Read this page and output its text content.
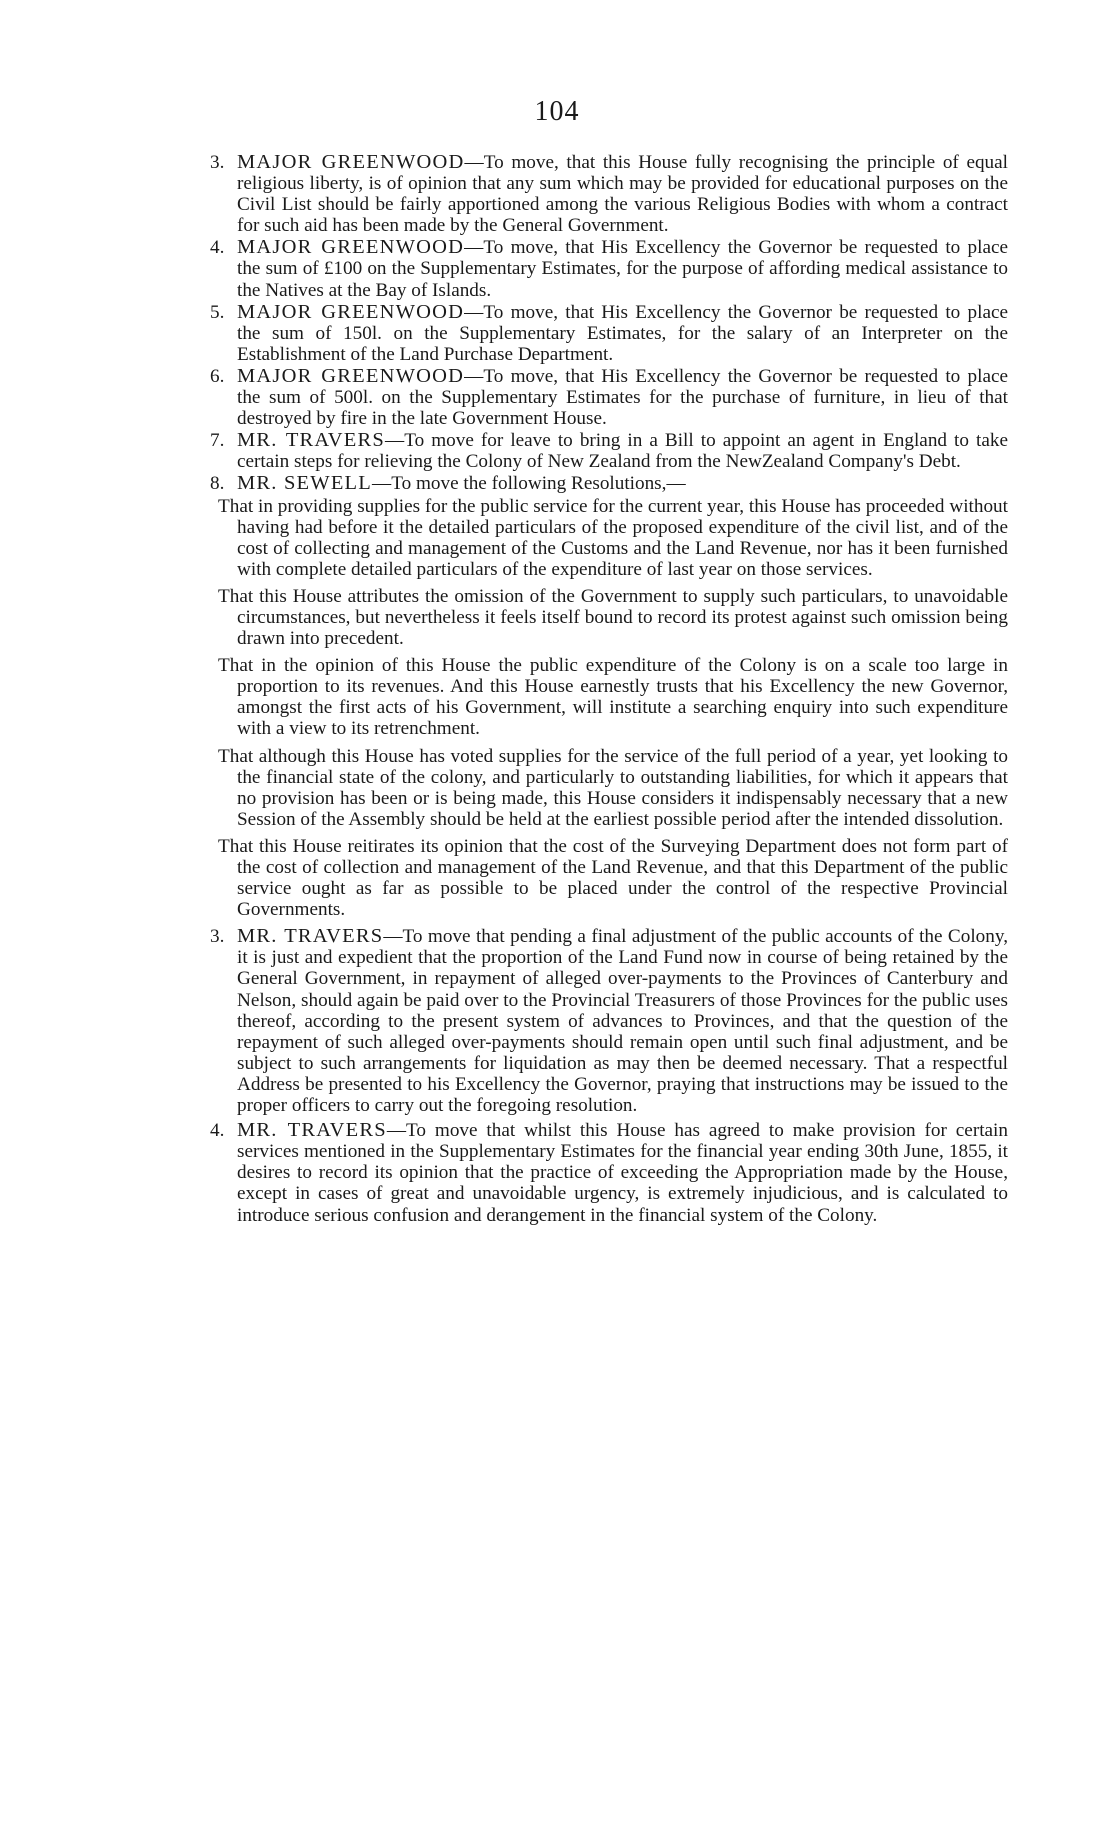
104

3. MAJOR GREENWOOD—To move, that this House fully recognising the principle of equal religious liberty, is of opinion that any sum which may be provided for educational purposes on the Civil List should be fairly apportioned among the various Religious Bodies with whom a contract for such aid has been made by the General Government.

4. MAJOR GREENWOOD—To move, that His Excellency the Governor be requested to place the sum of £100 on the Supplementary Estimates, for the purpose of affording medical assistance to the Natives at the Bay of Islands.

5. MAJOR GREENWOOD—To move, that His Excellency the Governor be requested to place the sum of 150l. on the Supplementary Estimates, for the salary of an Interpreter on the Establishment of the Land Purchase Department.

6. MAJOR GREENWOOD—To move, that His Excellency the Governor be requested to place the sum of 500l. on the Supplementary Estimates for the purchase of furniture, in lieu of that destroyed by fire in the late Government House.

7. MR. TRAVERS—To move for leave to bring in a Bill to appoint an agent in England to take certain steps for relieving the Colony of New Zealand from the NewZealand Company's Debt.

8. MR. SEWELL—To move the following Resolutions,—

That in providing supplies for the public service for the current year, this House has proceeded without having had before it the detailed particulars of the proposed expenditure of the civil list, and of the cost of collecting and management of the Customs and the Land Revenue, nor has it been furnished with complete detailed particulars of the expenditure of last year on those services.

That this House attributes the omission of the Government to supply such particulars, to unavoidable circumstances, but nevertheless it feels itself bound to record its protest against such omission being drawn into precedent.

That in the opinion of this House the public expenditure of the Colony is on a scale too large in proportion to its revenues. And this House earnestly trusts that his Excellency the new Governor, amongst the first acts of his Government, will institute a searching enquiry into such expenditure with a view to its retrenchment.

That although this House has voted supplies for the service of the full period of a year, yet looking to the financial state of the colony, and particularly to outstanding liabilities, for which it appears that no provision has been or is being made, this House considers it indispensably necessary that a new Session of the Assembly should be held at the earliest possible period after the intended dissolution.

That this House reitirates its opinion that the cost of the Surveying Department does not form part of the cost of collection and management of the Land Revenue, and that this Department of the public service ought as far as possible to be placed under the control of the respective Provincial Governments.

3. MR. TRAVERS—To move that pending a final adjustment of the public accounts of the Colony, it is just and expedient that the proportion of the Land Fund now in course of being retained by the General Government, in repayment of alleged over-payments to the Provinces of Canterbury and Nelson, should again be paid over to the Provincial Treasurers of those Provinces for the public uses thereof, according to the present system of advances to Provinces, and that the question of the repayment of such alleged over-payments should remain open until such final adjustment, and be subject to such arrangements for liquidation as may then be deemed necessary. That a respectful Address be presented to his Excellency the Governor, praying that instructions may be issued to the proper officers to carry out the foregoing resolution.

4. MR. TRAVERS—To move that whilst this House has agreed to make provision for certain services mentioned in the Supplementary Estimates for the financial year ending 30th June, 1855, it desires to record its opinion that the practice of exceeding the Appropriation made by the House, except in cases of great and unavoidable urgency, is extremely injudicious, and is calculated to introduce serious confusion and derangement in the financial system of the Colony.
